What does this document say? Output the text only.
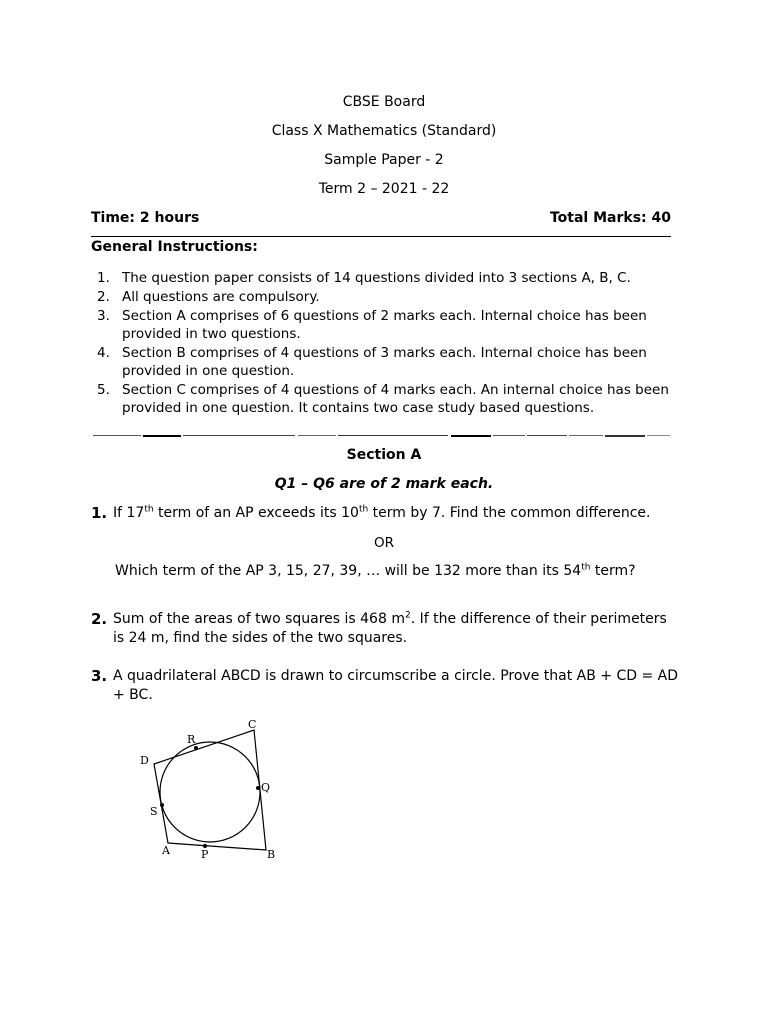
CBSE Board
Class X Mathematics (Standard)
Sample Paper - 2
Term 2 – 2021 - 22
Time: 2 hours	Total Marks: 40
General Instructions:
1. The question paper consists of 14 questions divided into 3 sections A, B, C.
2. All questions are compulsory.
3. Section A comprises of 6 questions of 2 marks each. Internal choice has been provided in two questions.
4. Section B comprises of 4 questions of 3 marks each. Internal choice has been provided in one question.
5. Section C comprises of 4 questions of 4 marks each. An internal choice has been provided in one question. It contains two case study based questions.
Section A
Q1 – Q6 are of 2 mark each.
1. If 17th term of an AP exceeds its 10th term by 7. Find the common difference.
OR
Which term of the AP 3, 15, 27, 39, … will be 132 more than its 54th term?
2. Sum of the areas of two squares is 468 $m^2$. If the difference of their perimeters is 24 m, find the sides of the two squares.
3. A quadrilateral ABCD is drawn to circumscribe a circle. Prove that AB + CD = AD + BC.
C
R
D
Q
S
A	P	B
